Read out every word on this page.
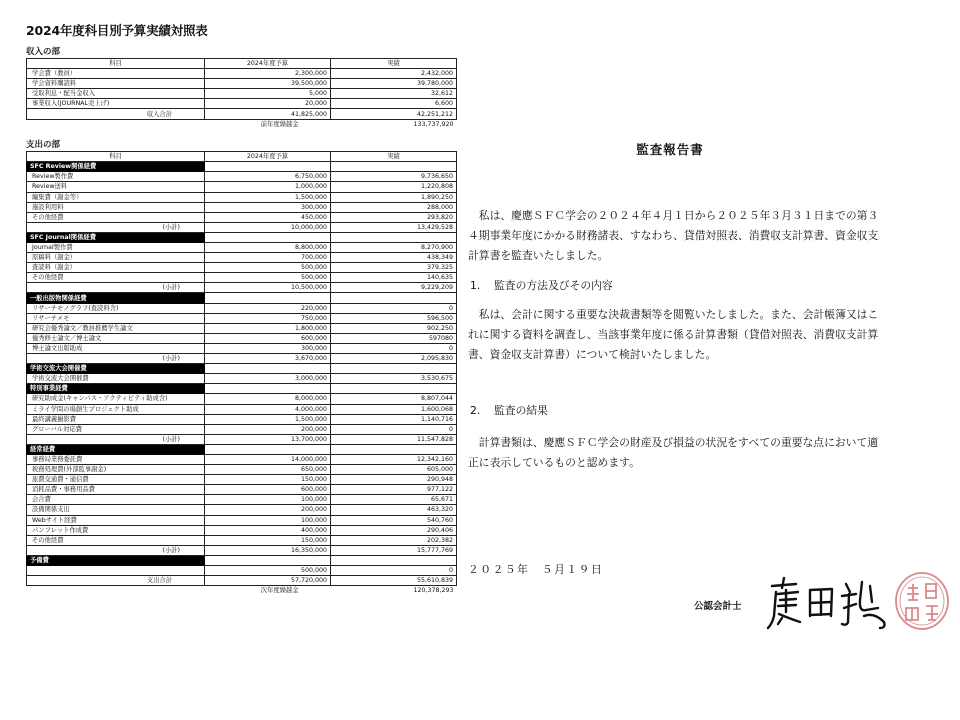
2024年度科目別予算実績対照表
収入の部
科目	2024年度予算	実績
学会費（教員）	2,300,000	2,432,000
学会資料購読料	39,500,000	39,780,000
受取利息・配当金収入	5,000	32,612
事業収入(JOURNAL売上げ)	20,000	6,600
収入合計	41,825,000	42,251,212
	前年度繰越金	133,737,920
支出の部
科目	2024年度予算	実績
SFC Review関係経費		
Review製作費	6,750,000	9,736,650
Review送料	1,000,000	1,220,808
編集費（謝金等）	1,500,000	1,890,250
施設利用料	300,000	288,000
その他経費	450,000	293,820
(小計)	10,000,000	13,429,528
SFC Journal関係経費		
Journal製作費	8,800,000	8,270,900
原稿料（謝金）	700,000	438,349
査読料（謝金）	500,000	379,325
その他経費	500,000	140,635
(小計)	10,500,000	9,229,209
一般出版物関係経費		
リサーチモノグラフ(査読料含)	220,000	0
リサーチメモ	750,000	596,500
研究会優秀論文／教員推薦学生論文	1,800,000	902,250
優秀修士論文／博士論文	600,000	597080
博士論文出版助成	300,000	0
(小計)	3,670,000	2,095,830
学術交流大会開催費		
学術交流大会開催費	3,000,000	3,530,675
特別事業経費		
研究助成金(キャンパス・アクティビティ助成含)	8,000,000	8,807,044
ミライ学問の場創生プロジェクト助成	4,000,000	1,600,068
最終講義撮影費	1,500,000	1,140,716
グローバル対応費	200,000	0
(小計)	13,700,000	11,547,828
経常経費		
事務局業務委託費	14,000,000	12,342,160
税務処理費(外部監事謝金)	650,000	605,000
旅費交通費・通信費	150,000	290,948
消耗品費・事務用品費	600,000	977,122
会合費	100,000	65,671
設備関係支出	200,000	463,320
Webサイト経費	100,000	540,760
パンフレット作成費	400,000	290,406
その他経費	150,000	202,382
(小計)	16,350,000	15,777,769
予備費		
	500,000	0
支出合計	57,720,000	55,610,839
	次年度繰越金	120,378,293
監査報告書
私は、慶應ＳＦＣ学会の２０２４年４月１日から２０２５年３月３１日までの第３４期事業年度にかかる財務諸表、すなわち、貸借対照表、消費収支計算書、資金収支計算書を監査いたしました。
1. 監査の方法及びその内容
私は、会計に関する重要な決裁書類等を閲覧いたしました。また、会計帳簿又はこれに関する資料を調査し、当該事業年度に係る計算書類（貸借対照表、消費収支計算書、資金収支計算書）について検討いたしました。
2. 監査の結果
計算書類は、慶應ＳＦＣ学会の財産及び損益の状況をすべての重要な点において適正に表示しているものと認めます。
２０２５年　５月１９日
公認会計士
